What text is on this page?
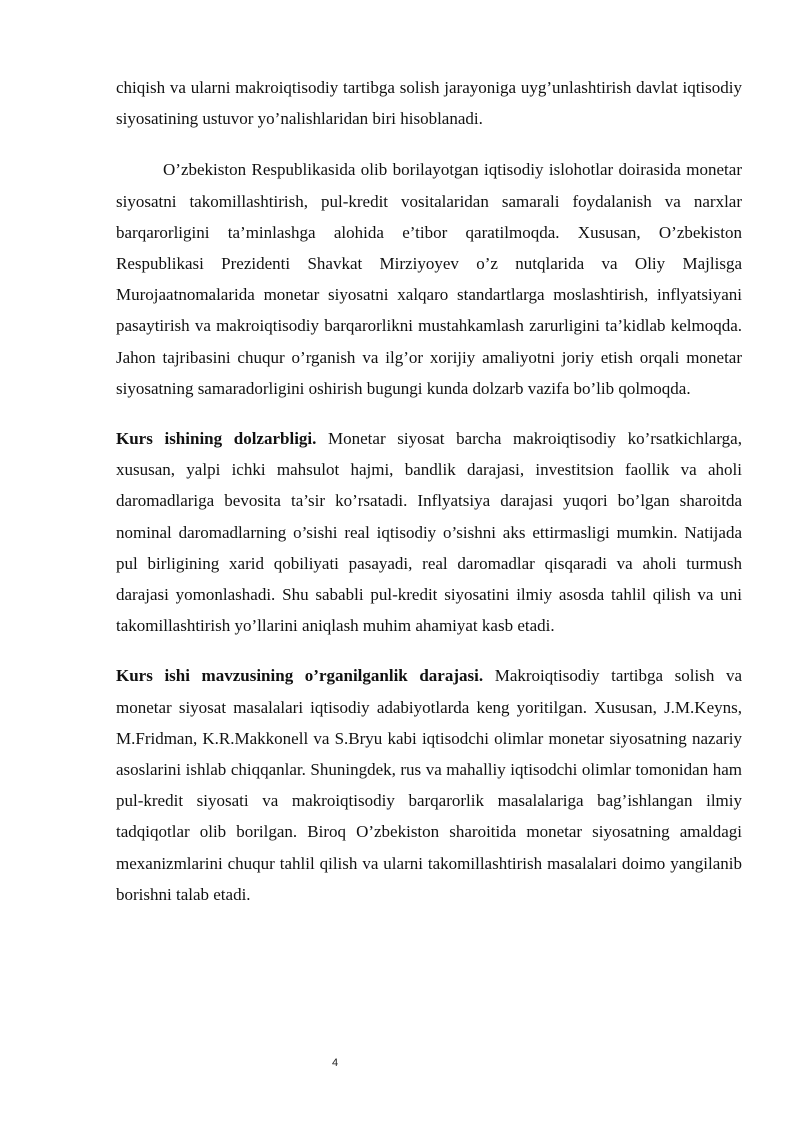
chiqish va ularni makroiqtisodiy tartibga solish jarayoniga uyg’unlashtirish davlat iqtisodiy siyosatining ustuvor yo’nalishlaridan biri hisoblanadi.

O’zbekiston Respublikasida olib borilayotgan iqtisodiy islohotlar doirasida monetar siyosatni takomillashtirish, pul-kredit vositalaridan samarali foydalanish va narxlar barqarorligini ta’minlashga alohida e’tibor qaratilmoqda. Xususan, O’zbekiston Respublikasi Prezidenti Shavkat Mirziyoyev o’z nutqlarida va Oliy Majlisga Murojaatnomalarida monetar siyosatni xalqaro standartlarga moslashtirish, inflyatsiyani pasaytirish va makroiqtisodiy barqarorlikni mustahkamlash zarurligini ta’kidlab kelmoqda. Jahon tajribasini chuqur o’rganish va ilg’or xorijiy amaliyotni joriy etish orqali monetar siyosatning samaradorligini oshirish bugungi kunda dolzarb vazifa bo’lib qolmoqda.

Kurs ishining dolzarbligi. Monetar siyosat barcha makroiqtisodiy ko’rsatkichlarga, xususan, yalpi ichki mahsulot hajmi, bandlik darajasi, investitsion faollik va aholi daromadlariga bevosita ta’sir ko’rsatadi. Inflyatsiya darajasi yuqori bo’lgan sharoitda nominal daromadlarning o’sishi real iqtisodiy o’sishni aks ettirmasligi mumkin. Natijada pul birligining xarid qobiliyati pasayadi, real daromadlar qisqaradi va aholi turmush darajasi yomonlashadi. Shu sababli pul-kredit siyosatini ilmiy asosda tahlil qilish va uni takomillashtirish yo’llarini aniqlash muhim ahamiyat kasb etadi.

Kurs ishi mavzusining o’rganilganlik darajasi. Makroiqtisodiy tartibga solish va monetar siyosat masalalari iqtisodiy adabiyotlarda keng yoritilgan. Xususan, J.M.Keyns, M.Fridman, K.R.Makkonell va S.Bryu kabi iqtisodchi olimlar monetar siyosatning nazariy asoslarini ishlab chiqqanlar. Shuningdek, rus va mahalliy iqtisodchi olimlar tomonidan ham pul-kredit siyosati va makroiqtisodiy barqarorlik masalalariga bag’ishlangan ilmiy tadqiqotlar olib borilgan. Biroq O’zbekiston sharoitida monetar siyosatning amaldagi mexanizmlarini chuqur tahlil qilish va ularni takomillashtirish masalalari doimo yangilanib borishni talab etadi.

4
